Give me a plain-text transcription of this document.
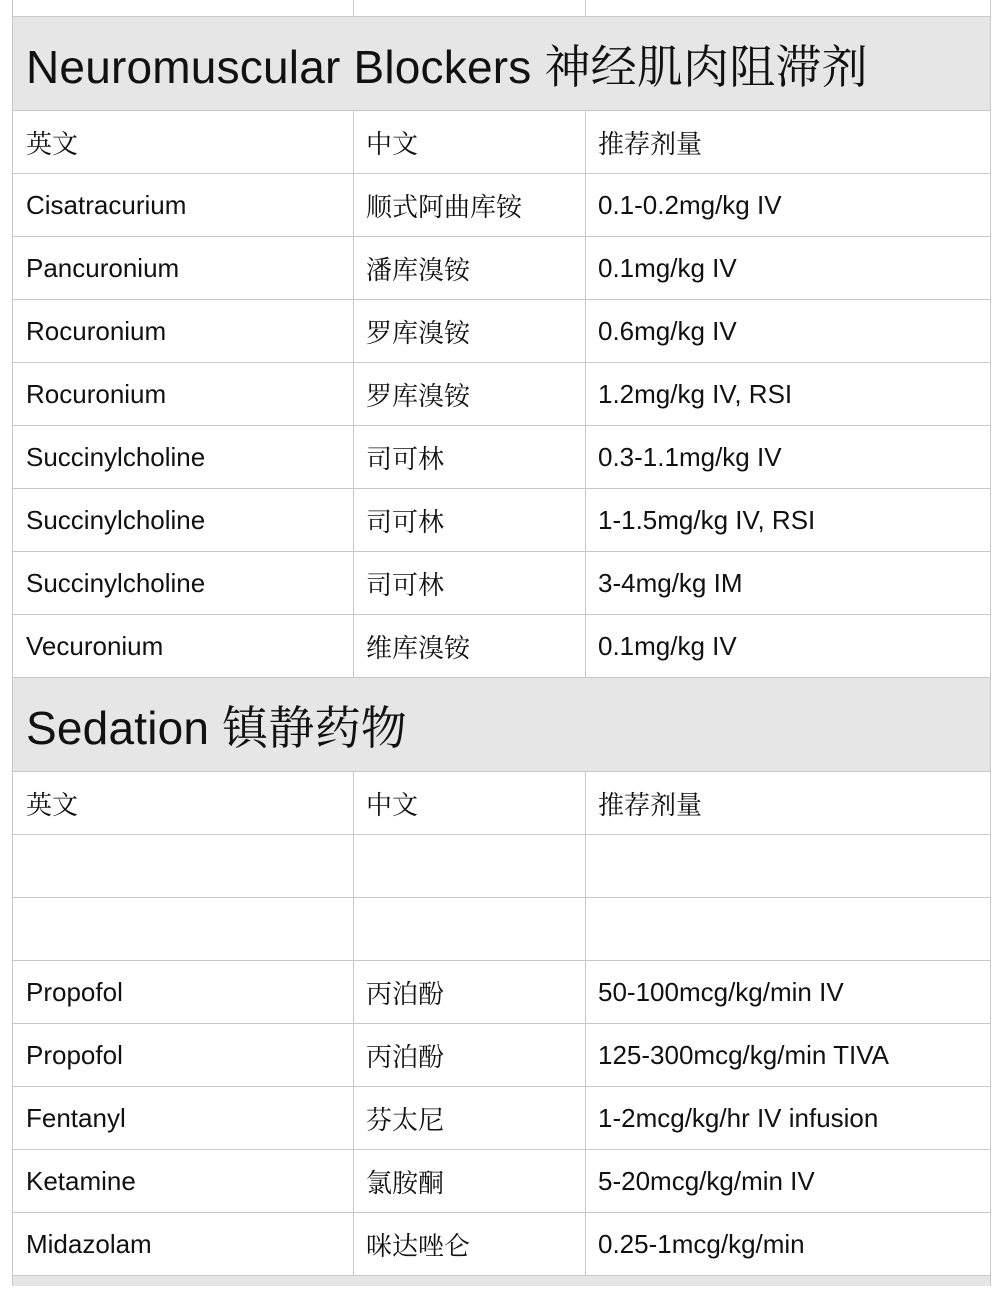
Neuromuscular Blockers 神经肌肉阻滞剂
英文	中文	推荐剂量
Cisatracurium	顺式阿曲库铵	0.1-0.2mg/kg IV
Pancuronium	潘库溴铵	0.1mg/kg IV
Rocuronium	罗库溴铵	0.6mg/kg IV
Rocuronium	罗库溴铵	1.2mg/kg IV, RSI
Succinylcholine	司可林	0.3-1.1mg/kg IV
Succinylcholine	司可林	1-1.5mg/kg IV, RSI
Succinylcholine	司可林	3-4mg/kg IM
Vecuronium	维库溴铵	0.1mg/kg IV
Sedation 镇静药物
英文	中文	推荐剂量
Propofol	丙泊酚	50-100mcg/kg/min IV
Propofol	丙泊酚	125-300mcg/kg/min TIVA
Fentanyl	芬太尼	1-2mcg/kg/hr IV infusion
Ketamine	氯胺酮	5-20mcg/kg/min IV
Midazolam	咪达唑仑	0.25-1mcg/kg/min
